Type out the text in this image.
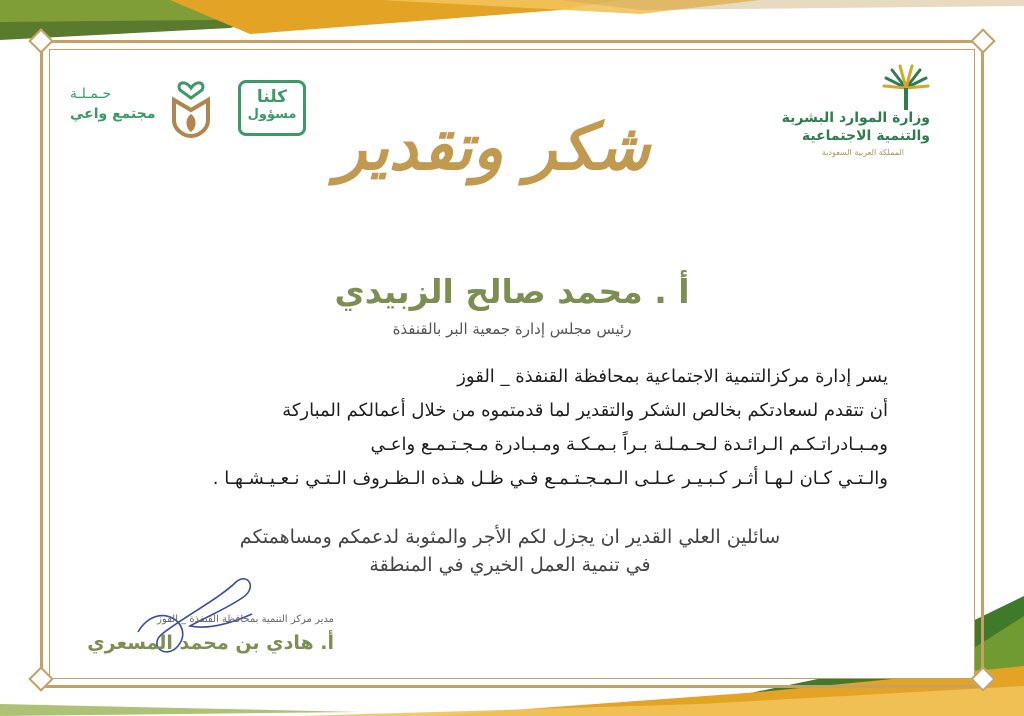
وزارة الموارد البشرية
والتنمية الاجتماعية
المملكة العربية السعودية
حـمـلـة
مجتمع واعي
كلنا
مسؤول شكر وتقدير
أ . محمد صالح الزبيدي
رئيس مجلس إدارة جمعية البر بالقنفذة
يسر إدارة مركزالتنمية الاجتماعية بمحافظة القنفذة _ القوز
أن تتقدم لسعادتكم بخالص الشكر والتقدير لما قدمتموه من خلال أعمالكم المباركة
ومـبـادراتـكـم الـرائـدة لـحـمـلـة بـراً بـمـكـة ومـبـادرة مـجـتـمـع واعـي
والـتـي كـان لـهـا أثـر كـبـيـر عـلـى الـمـجـتـمـع فـي ظـل هـذه الـظـروف الـتـي نـعـيـشـهـا .
سائلين العلي القدير ان يجزل لكم الأجر والمثوبة لدعمكم ومساهمتكم
في تنمية العمل الخيري في المنطقة
مدير مركز التنمية بمحافظة القنفذة _ القوز
أ. هادي بن محمد المسعري
